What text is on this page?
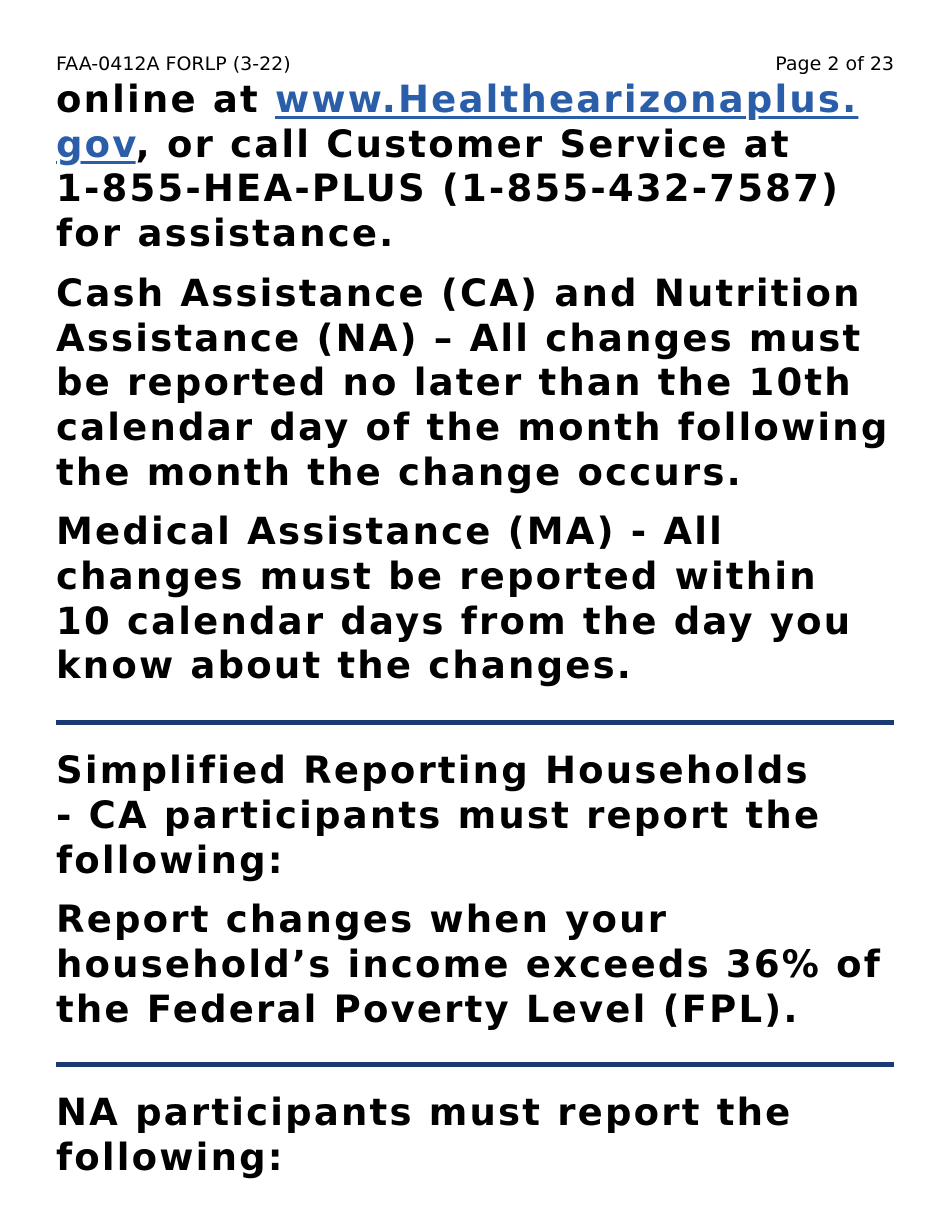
FAA-0412A FORLP (3-22)	Page 2 of 23

online at www.Healthearizonaplus.
gov, or call Customer Service at
1-855-HEA-PLUS (1-855-432-7587)
for assistance.

Cash Assistance (CA) and Nutrition
Assistance (NA) – All changes must
be reported no later than the 10th
calendar day of the month following
the month the change occurs.

Medical Assistance (MA) - All
changes must be reported within
10 calendar days from the day you
know about the changes.

Simplified Reporting Households
- CA participants must report the
following:

Report changes when your
household’s income exceeds 36% of
the Federal Poverty Level (FPL).

NA participants must report the
following:
